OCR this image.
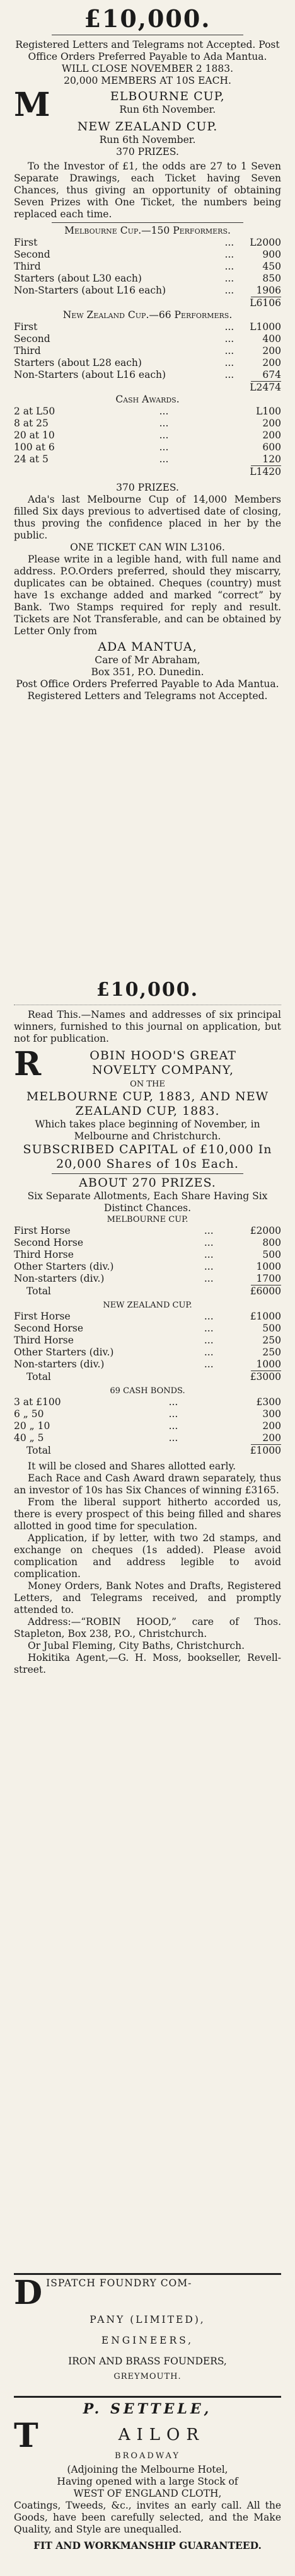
£10,000.

Registered Letters and Telegrams not Accepted. Post Office Orders Preferred Payable to Ada Mantua.

WILL CLOSE NOVEMBER 2 1883.

20,000 MEMBERS AT 10S EACH.

M	ELBOURNE CUP,

Run 6th November.

NEW ZEALAND CUP.

Run 6th November.

370 PRIZES.

To the Investor of £1, the odds are 27 to 1 Seven Separate Drawings, each Ticket having Seven Chances, thus giving an opportunity of obtaining Seven Prizes with One Ticket, the numbers being replaced each time.

Melbourne Cup.—150 Performers.

First	...	L2000
Second	...	900
Third	...	450
Starters (about L30 each)	...	850
Non-Starters (about L16 each)	...	1906

L6106

New Zealand Cup.—66 Performers.

First	...	L1000
Second	...	400
Third	...	200
Starters (about L28 each)	...	200
Non-Starters (about L16 each)	...	674

L2474

Cash Awards.

2 at L50	...	L100
8 at 25	...	200
20 at 10	...	200
100 at 6	...	600
24 at 5	...	120

L1420

370 PRIZES.

Ada's last Melbourne Cup of 14,000 Members filled Six days previous to advertised date of closing, thus proving the confidence placed in her by the public.

ONE TICKET CAN WIN L3106.

Please write in a legible hand, with full name and address. P.O.Orders preferred, should they miscarry, duplicates can be obtained. Cheques (country) must have 1s exchange added and marked “correct” by Bank. Two Stamps required for reply and result. Tickets are Not Transferable, and can be obtained by Letter Only from

ADA MANTUA,

Care of Mr Abraham,

Box 351, P.O. Dunedin.

Post Office Orders Preferred Payable to Ada Mantua.

Registered Letters and Telegrams not Accepted.

£10,000.

Read This.—Names and addresses of six principal winners, furnished to this journal on application, but not for publication.

R	OBIN HOOD'S GREAT

NOVELTY COMPANY,

ON THE

MELBOURNE CUP, 1883, AND NEW ZEALAND CUP, 1883.

Which takes place beginning of November, in Melbourne and Christchurch.

SUBSCRIBED CAPITAL of £10,000 In 20,000 Shares of 10s Each.

ABOUT 270 PRIZES.

Six Separate Allotments, Each Share Having Six Distinct Chances.

MELBOURNE CUP.

First Horse	...	£2000
Second Horse	...	800
Third Horse	...	500
Other Starters (div.)	...	1000
Non-starters (div.)	...	1700
Total	£6000

NEW ZEALAND CUP.

First Horse	...	£1000
Second Horse	...	500
Third Horse	...	250
Other Starters (div.)	...	250
Non-starters (div.)	...	1000
Total	£3000

69 CASH BONDS.

3 at £100	...	£300
6 „ 50	...	300
20 „ 10	...	200
40 „ 5	...	200
Total	£1000

It will be closed and Shares allotted early.

Each Race and Cash Award drawn separately, thus an investor of 10s has Six Chances of winning £3165.

From the liberal support hitherto accorded us, there is every prospect of this being filled and shares allotted in good time for speculation.

Application, if by letter, with two 2d stamps, and exchange on cheques (1s added). Please avoid complication and address legible to avoid complication.

Money Orders, Bank Notes and Drafts, Registered Letters, and Telegrams received, and promptly attended to.

Address:—“ROBIN HOOD,” care of Thos. Stapleton, Box 238, P.O., Christchurch.

Or Jubal Fleming, City Baths, Christchurch.

Hokitika Agent,—G. H. Moss, bookseller, Revell-street.

D ISPATCH FOUNDRY COM-

PANY (LIMITED),

ENGINEERS,

IRON AND BRASS FOUNDERS,

GREYMOUTH.

P. SETTELE,

T	AILOR

BROADWAY

(Adjoining the Melbourne Hotel,

Having opened with a large Stock of

WEST OF ENGLAND CLOTH,

Coatings, Tweeds, &c., invites an early call. All the Goods, have been carefully selected, and the Make Quality, and Style are unequalled.

FIT AND WORKMANSHIP GUARANTEED.
